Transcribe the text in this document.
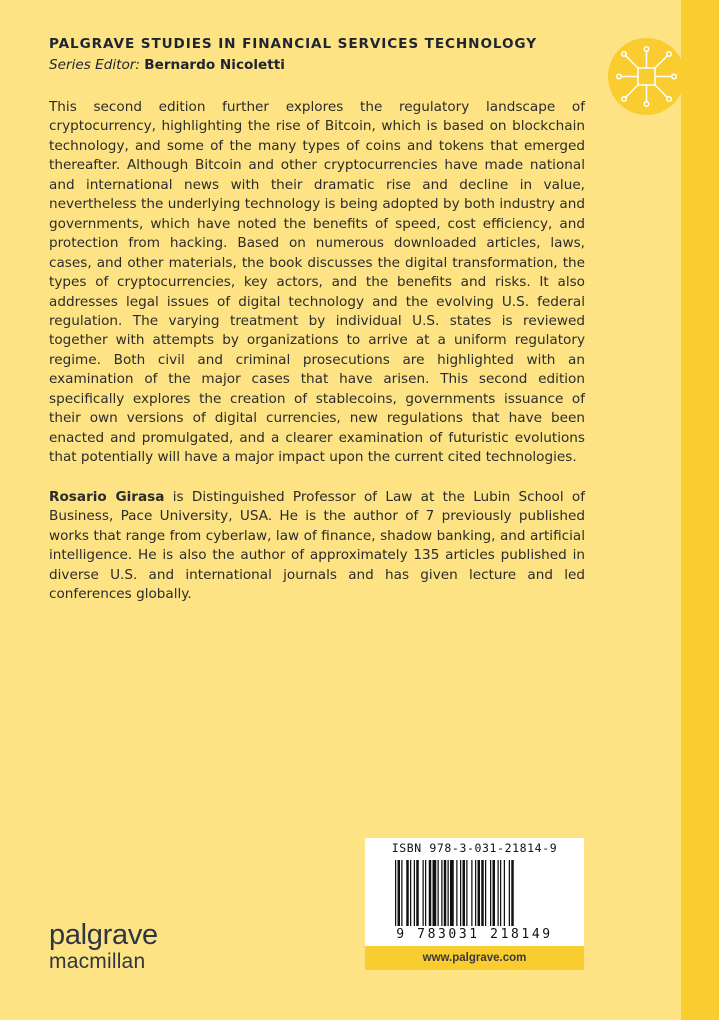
PALGRAVE STUDIES IN FINANCIAL SERVICES TECHNOLOGY
Series Editor: Bernardo Nicoletti
This second edition further explores the regulatory landscape of cryptocurrency, highlighting the rise of Bitcoin, which is based on blockchain technology, and some of the many types of coins and tokens that emerged thereafter. Although Bitcoin and other cryptocurrencies have made national and international news with their dramatic rise and decline in value, nevertheless the underlying technology is being adopted by both industry and governments, which have noted the benefits of speed, cost efficiency, and protection from hacking. Based on numerous downloaded articles, laws, cases, and other materials, the book discusses the digital transformation, the types of cryptocurrencies, key actors, and the benefits and risks. It also addresses legal issues of digital technology and the evolving U.S. federal regulation. The varying treatment by individual U.S. states is reviewed together with attempts by organizations to arrive at a uniform regulatory regime. Both civil and criminal prosecutions are highlighted with an examination of the major cases that have arisen. This second edition specifically explores the creation of stablecoins, governments issuance of their own versions of digital currencies, new regulations that have been enacted and promulgated, and a clearer examination of futuristic evolutions that potentially will have a major impact upon the current cited technologies.
Rosario Girasa is Distinguished Professor of Law at the Lubin School of Business, Pace University, USA. He is the author of 7 previously published works that range from cyberlaw, law of finance, shadow banking, and artificial intelligence. He is also the author of approximately 135 articles published in diverse U.S. and international journals and has given lecture and led conferences globally.
ISBN 978-3-031-21814-9
9 783031 218149
www.palgrave.com
palgrave
macmillan
